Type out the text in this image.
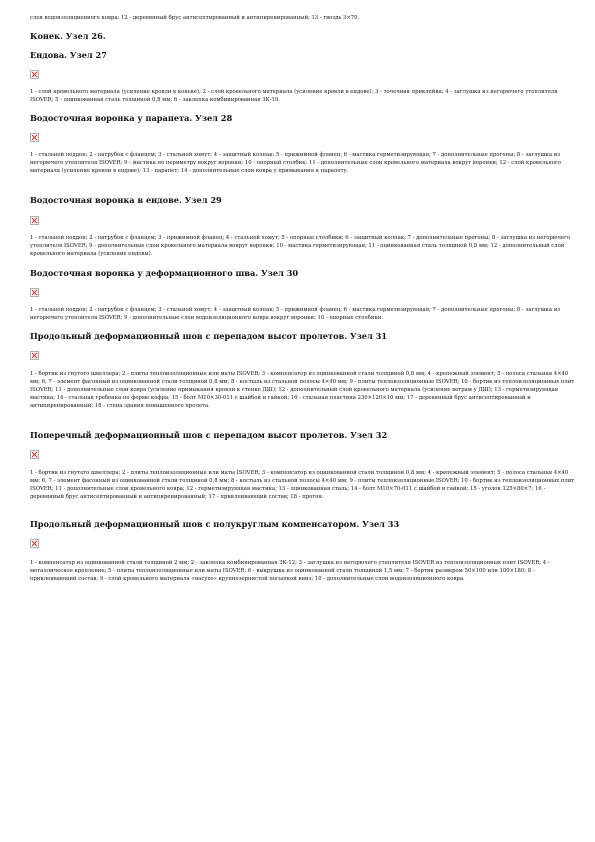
слоя водоизоляционного ковра; 12 - деревянный брус антисептированный и антипиренированный; 13 - гвоздь 3×70.

Конек. Узел 26.
Ендова. Узел 27

1 - слой кровельного материала (усиление кровли в коньке); 2 - слой кровельного материала (усиление кровли в ендове); 3 - точечная приклейка; 4 - заглушка из негорючего утеплителя ISOVER; 5 - оцинкованная сталь толщиной 0,8 мм; 6 - заклепка комбинированная ЗК-10.

Водосточная воронка у парапета. Узел 28

1 - стальной поддон; 2 - патрубок с фланцем; 3 - стальной хомут; 4 - защитный колпак; 5 - прижимной фланец; 6 - мастика герметизирующая; 7 - дополнительные прогоны; 8 - заглушка из негорючего утеплителя ISOVER; 9 - мастика по периметру вокруг воронки; 10 - опорный столбик; 11 - дополнительные слои кровельного материала вокруг воронки; 12 - слой кровельного материала (усиление кровли в ендове); 13 - парапет; 14 - дополнительные слои ковра у примыкания к парапету.

Водосточная воронка в ендове. Узел 29

1 - стальной поддон; 2 - патрубок с фланцем; 3 - прижимной фланец; 4 - стальной хомут; 5 - опорные столбики; 6 - защитный колпак; 7 - дополнительные прогоны; 8 - заглушка из негорючего утеплителя ISOVER; 9 - дополнительные слои кровельного материала вокруг воронки; 10 - мастика герметизирующая; 11 - оцинкованная сталь толщиной 0,8 мм; 12 - дополнительный слой кровельного материала (усиление ендовы).

Водосточная воронка у деформационного шва. Узел 30

1 - стальной поддон; 2 - патрубок с фланцем; 3 - стальной хомут; 4 - защитный колпак; 5 - прижимной фланец; 6 - мастика герметизирующая; 7 - дополнительные прогоны; 8 - заглушка из негорючего утеплителя ISOVER; 9 - дополнительные слои водоизоляционного ковра вокруг воронки; 10 - опорные столбики.

Продольный деформационный шов с перепадом высот пролетов. Узел 31

1 - бортик из гнутого швеллера; 2 - плиты теплоизоляционные или маты ISOVER; 3 - компенсатор из оцинкованной стали толщиной 0,8 мм; 4 - крепежный элемент; 5 - полоса стальная 4×40 мм; 6, 7 - элемент фасонный из оцинкованной стали толщиной 0,8 мм; 8 - костыль из стальной полосы 4×40 мм; 9 - плиты теплоизоляционные ISOVER; 10 - бортик из теплоизоляционных плит ISOVER; 11 - дополнительные слои ковра (усиление примыкания кровли к стенке ДШ); 12 - дополнительный слой кровельного материала (усиление ветрам у ДШ); 13 - герметизирующая мастика; 14 - стальная гребенка по форме кофра; 15 - болт М10×30-011 с шайбой и гайкой; 16 - стальная пластина 230×120×10 мм; 17 - деревянный брус антисептированный и антипиренированный; 18 - стена здания повышенного пролета.

Поперечный деформационный шов с перепадом высот пролетов. Узел 32

1 - бортик из гнутого швеллера; 2 - плиты теплоизоляционные или маты ISOVER; 3 - компенсатор из оцинкованной стали толщиной 0,8 мм; 4 - крепежный элемент; 5 - полоса стальная 4×40 мм; 6, 7 - элемент фасонный из оцинкованной стали толщиной 0,8 мм; 8 - костыль из стальной полосы 4×40 мм; 9 - плиты теплоизоляционные ISOVER; 10 - бортик из теплоизоляционных плит ISOVER; 11 - дополнительные слои кровельного ковра; 12 - герметизирующая мастика; 13 - оцинкованная сталь; 14 - болт М10×70-011 с шайбой и гайкой; 15 - уголок 125×80×7; 16 - деревянный брус антисептированный и антипиренированный; 17 - приклеивающий состав; 18 - прогон.

Продольный деформационный шов с полукруглым компенсатором. Узел 33

1 - компенсатор из оцинкованной стали толщиной 2 мм; 2 - заклепка комбинированная ЗК-12; 3 - заглушка из негорючего утеплителя ISOVER из теплоизоляционных плит ISOVER; 4 - металлическое крепление; 5 - плиты теплоизоляционные или маты ISOVER; 6 - выкрушка из оцинкованной стали толщиной 1,5 мм; 7 - бортик размером 50×100 или 100×180; 8 - приклеивающий состав; 9 - слой кровельного материала «насухо» крупнозернистой посыпкой вниз; 10 - дополнительные слои водоизоляционного ковра.
